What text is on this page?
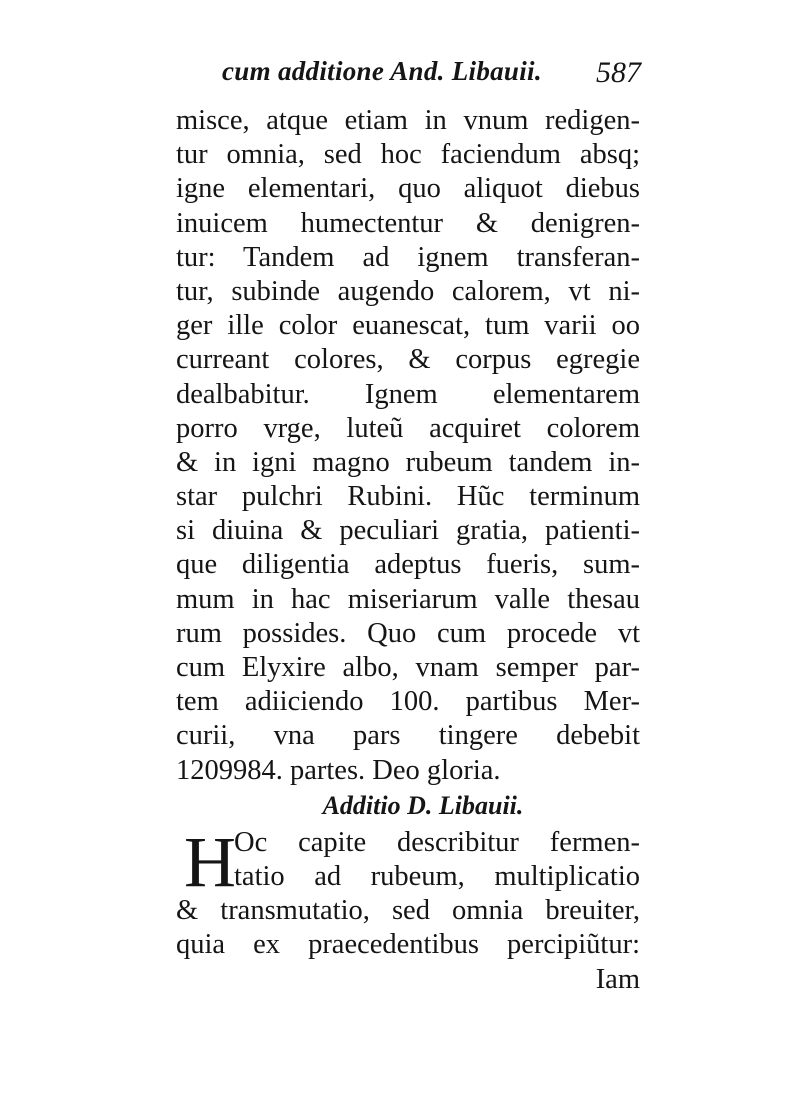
cum additione And. Libauii. 587
misce, atque etiam in vnum redigen-
tur omnia, sed hoc faciendum absq;
igne elementari, quo aliquot diebus
inuicem humectentur & denigren-
tur: Tandem ad ignem transferan-
tur, subinde augendo calorem, vt ni-
ger ille color euanescat, tum varii oo
curreant colores, & corpus egregie
dealbabitur. Ignem elementarem
porro vrge, luteũ acquiret colorem
& in igni magno rubeum tandem in-
star pulchri Rubini. Hũc terminum
si diuina & peculiari gratia, patienti-
que diligentia adeptus fueris, sum-
mum in hac miseriarum valle thesau
rum possides. Quo cum procede vt
cum Elyxire albo, vnam semper par-
tem adiiciendo 100. partibus Mer-
curii, vna pars tingere debebit
1209984. partes. Deo gloria.
Additio D. Libauii.
H
Oc capite describitur fermen-
tatio ad rubeum, multiplicatio
& transmutatio, sed omnia breuiter,
quia ex praecedentibus percipiũtur:
Iam
